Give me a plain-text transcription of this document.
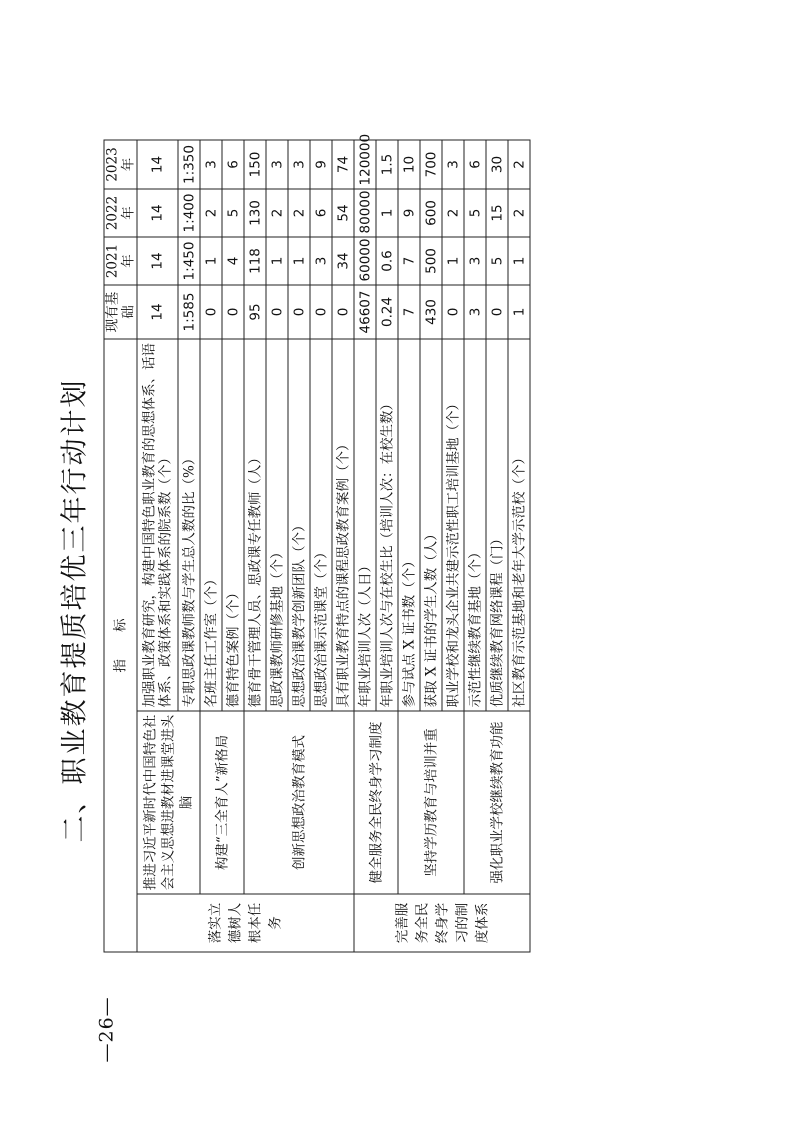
二、职业教育提质培优三年行动计划 指　　标			现有基础	2021 年	2022 年	2023 年
落实立德树人根本任务	推进习近平新时代中国特色社会主义思想进教材进课堂进头脑	加强职业教育研究，构建中国特色职业教育的思想体系、话语体系、政策体系和实践体系的院系数（个）	14	14	14	14
		专职思政课教师数与学生总人数的比（%）	1:585	1:450	1:400	1:350
	构建“三全育人”新格局	名班主任工作室（个）	0	1	2	3
		德育特色案例（个）	0	4	5	6
	创新思想政治教育模式	德育骨干管理人员、思政课专任教师（人）	95	118	130	150
		思政课教师研修基地（个）	0	1	2	3
		思想政治课教学创新团队（个）	0	1	2	3
		思想政治课示范课堂（个）	0	3	6	9
		具有职业教育特点的课程思政教育案例（个）	0	34	54	74
完善服务全民终身学习的制度体系	健全服务全民终身学习制度	年职业培训人次（人日）	46607	60000	80000	120000
		年职业培训人次与在校生比（培训人次：在校生数）	0.24	0.6	1	1.5
	坚持学历教育与培训并重	参与试点 X 证书数（个）	7	7	9	10
		获取 X 证书的学生人数（人）	430	500	600	700
		职业学校和龙头企业共建示范性职工培训基地（个）	0	1	2	3
	强化职业学校继续教育功能	示范性继续教育基地（个）	3	3	5	6
		优质继续教育网络课程（门）	0	5	15	30
		社区教育示范基地和老年大学示范校（个）	1	1	2	2
—26—
